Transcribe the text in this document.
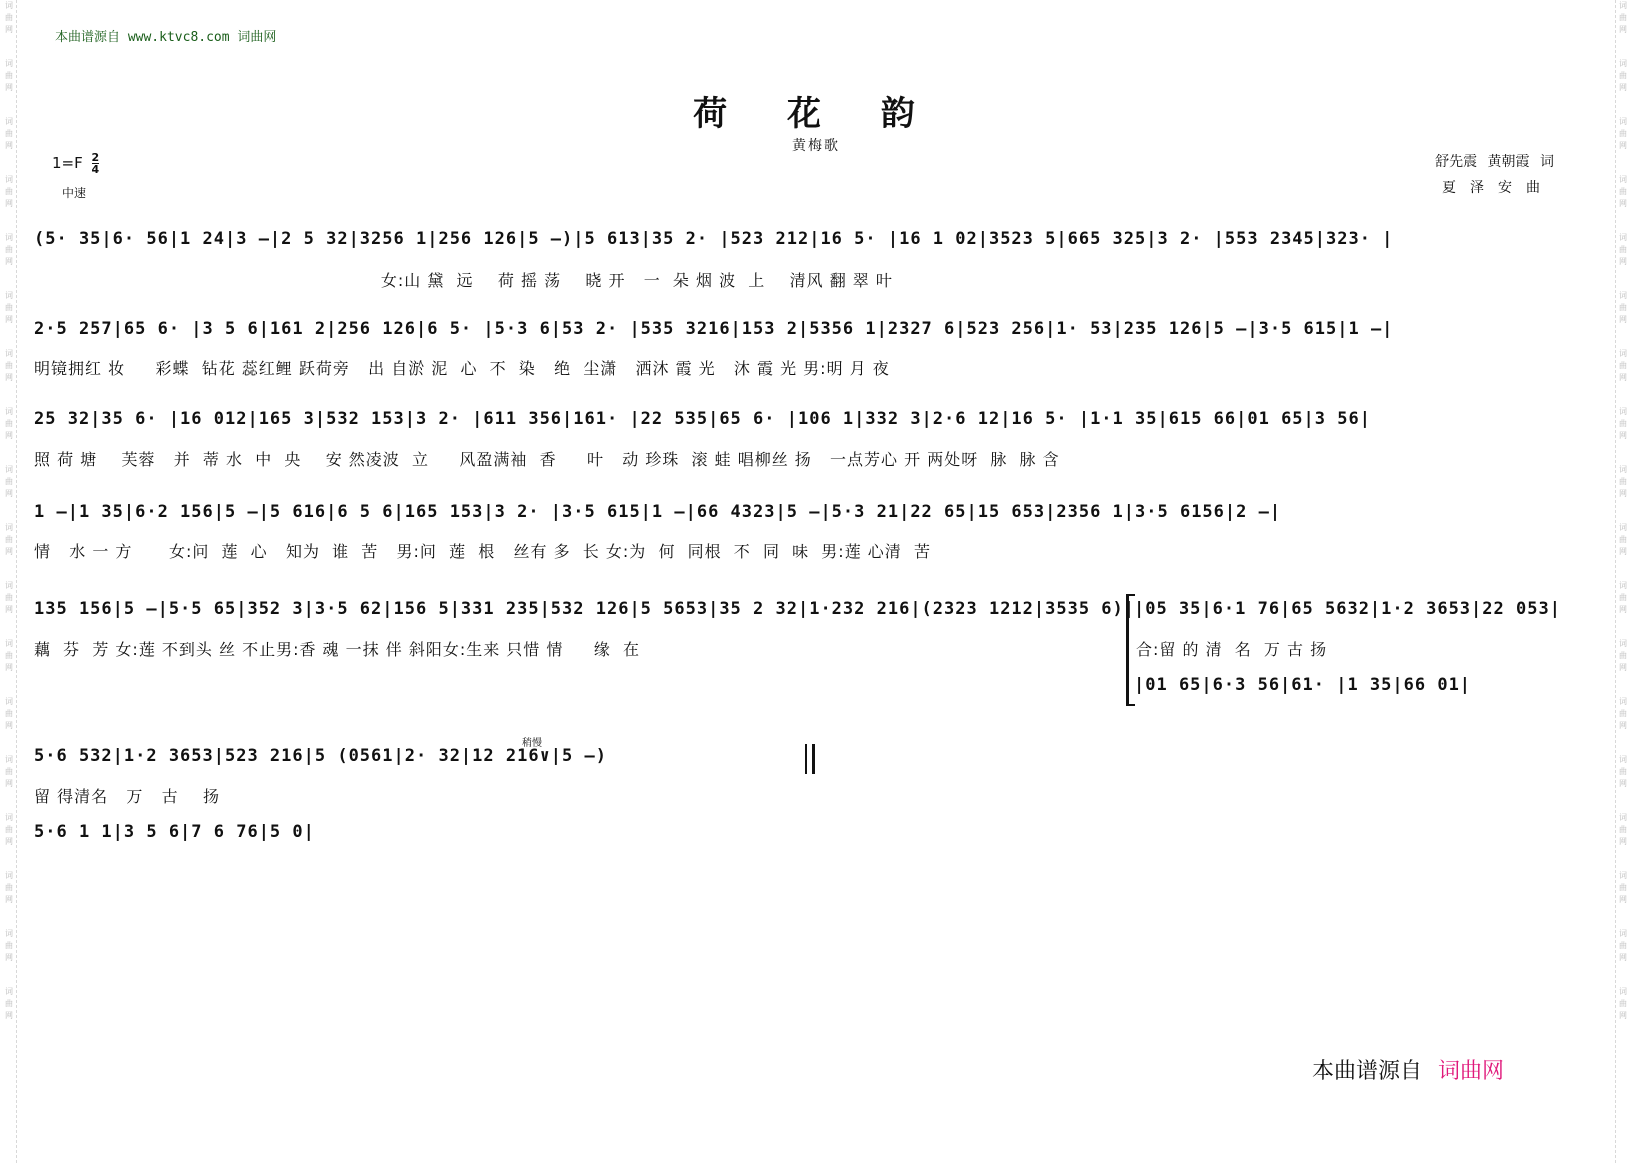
词曲网
词曲网
词曲网
词曲网
词曲网
词曲网
词曲网
词曲网
词曲网
词曲网
词曲网
词曲网
词曲网
词曲网
词曲网
词曲网
词曲网
词曲网
词曲网
词曲网
词曲网
词曲网
词曲网
词曲网
词曲网
词曲网
词曲网
词曲网
词曲网
词曲网
词曲网
词曲网
词曲网
词曲网
词曲网
词曲网
本曲谱源自 www.ktvc8.com 词曲网
荷 花 韵
黄梅歌
$1=F \frac{2}{4}$
中速
舒先震 黄朝霞 词
夏泽安曲
(5· 35|6· 56|1 24|3 –|2 5 32|3256 1|256 126|5 –)|5 613|35 2· |523 212|16 5· |16 1 02|3523 5|665 325|3 2· |553 2345|323· |
女:山 黛  远    荷 摇 荡    晓 开   一  朵 烟 波  上    清风 翻 翠 叶
2·5 257|65 6· |3 5 6|161 2|256 126|6 5· |5·3 6|53 2· |535 3216|153 2|5356 1|2327 6|523 256|1· 53|235 126|5 –|3·5 615|1 –|
明镜拥红 妆     彩蝶  钻花 蕊红鲤 跃荷旁   出 自淤 泥  心  不  染   绝  尘潇   洒沐 霞 光   沐 霞 光 男:明 月 夜
25 32|35 6· |16 012|165 3|532 153|3 2· |611 356|161· |22 535|65 6· |106 1|332 3|2·6 12|16 5· |1·1 35|615 66|01 65|3 56|
照 荷 塘    芙蓉   并  蒂 水  中  央    安 然凌波  立     风盈满袖  香     叶   动 珍珠  滚 蛙 唱柳丝 扬   一点芳心 开 两处呀  脉  脉 含
1 –|1 35|6·2 156|5 –|5 616|6 5 6|165 153|3 2· |3·5 615|1 –|66 4323|5 –|5·3 21|22 65|15 653|2356 1|3·5 6156|2 –|
情   水 一 方      女:问  莲  心   知为  谁  苦   男:问  莲  根   丝有 多  长 女:为  何  同根  不  同  味  男:莲 心清  苦
135 156|5 –|5·5 65|352 3|3·5 62|156 5|331 235|532 126|5 5653|35 2 32|1·232 216|(2323 1212|3535 6)|
藕  芬  芳 女:莲 不到头 丝 不止男:香 魂 一抹 伴 斜阳女:生来 只惜 情     缘  在
|05 35|6·1 76|65 5632|1·2 3653|22 053|
合:留 的 清  名  万 古 扬
|01 65|6·3 56|61· |1 35|66 01|
稍慢
5·6 532|1·2 3653|523 216|5 (0561|2· 32|12 216∨|5 –)
留 得清名   万   古    扬
5·6 1 1|3 5 6|7 6 76|5 0|
本曲谱源自 词曲网
